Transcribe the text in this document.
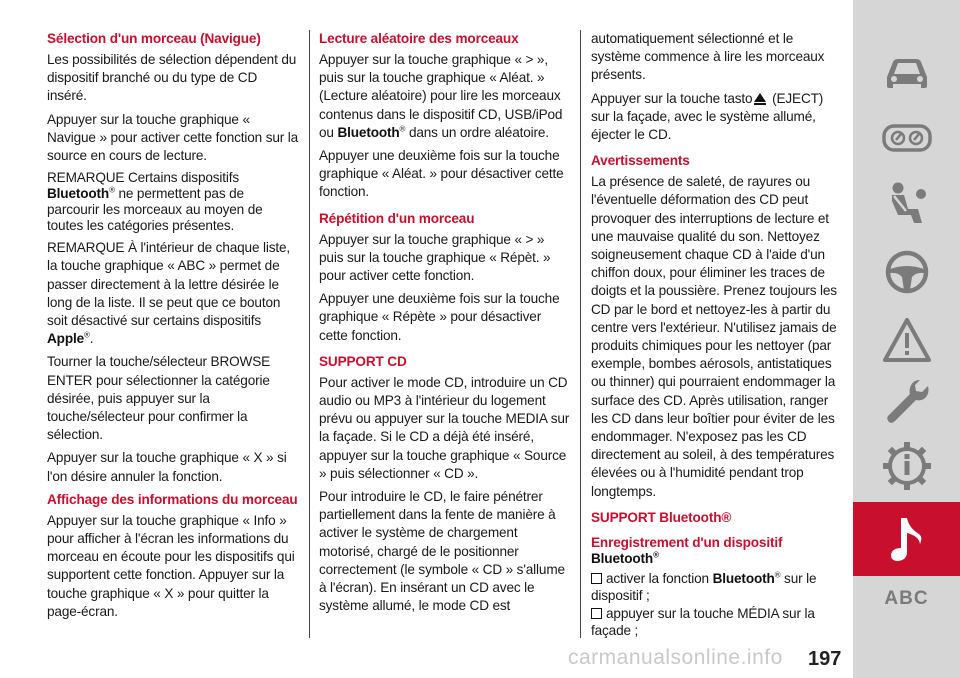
Sélection d'un morceau (Navigue)

Les possibilités de sélection dépendent du dispositif branché ou du type de CD inséré.

Appuyer sur la touche graphique « Navigue » pour activer cette fonction sur la source en cours de lecture.

REMARQUE Certains dispositifs
Bluetooth® ne permettent pas de parcourir les morceaux au moyen de toutes les catégories présentes.

REMARQUE À l'intérieur de chaque liste, la touche graphique « ABC » permet de passer directement à la lettre désirée le long de la liste. Il se peut que ce bouton soit désactivé sur certains dispositifs Apple®.

Tourner la touche/sélecteur BROWSE ENTER pour sélectionner la catégorie désirée, puis appuyer sur la touche/sélecteur pour confirmer la sélection.

Appuyer sur la touche graphique « X » si l'on désire annuler la fonction.

Affichage des informations du morceau

Appuyer sur la touche graphique « Info » pour afficher à l'écran les informations du morceau en écoute pour les dispositifs qui supportent cette fonction. Appuyer sur la touche graphique « X » pour quitter la page-écran.

Lecture aléatoire des morceaux

Appuyer sur la touche graphique « > », puis sur la touche graphique « Aléat. » (Lecture aléatoire) pour lire les morceaux contenus dans le dispositif CD, USB/iPod ou Bluetooth® dans un ordre aléatoire.

Appuyer une deuxième fois sur la touche graphique « Aléat. » pour désactiver cette fonction.

Répétition d'un morceau

Appuyer sur la touche graphique « > » puis sur la touche graphique « Répèt. » pour activer cette fonction.

Appuyer une deuxième fois sur la touche graphique « Répète » pour désactiver cette fonction.

SUPPORT CD

Pour activer le mode CD, introduire un CD audio ou MP3 à l'intérieur du logement prévu ou appuyer sur la touche MEDIA sur la façade. Si le CD a déjà été inséré, appuyer sur la touche graphique « Source » puis sélectionner « CD ».

Pour introduire le CD, le faire pénétrer partiellement dans la fente de manière à activer le système de chargement motorisé, chargé de le positionner correctement (le symbole « CD » s'allume à l'écran). En insérant un CD avec le système allumé, le mode CD est

automatiquement sélectionné et le système commence à lire les morceaux présents.

Appuyer sur la touche tasto (EJECT) sur la façade, avec le système allumé, éjecter le CD.

Avertissements

La présence de saleté, de rayures ou l'éventuelle déformation des CD peut provoquer des interruptions de lecture et une mauvaise qualité du son. Nettoyez soigneusement chaque CD à l'aide d'un chiffon doux, pour éliminer les traces de doigts et la poussière. Prenez toujours les CD par le bord et nettoyez-les à partir du centre vers l'extérieur. N'utilisez jamais de produits chimiques pour les nettoyer (par exemple, bombes aérosols, antistatiques ou thinner) qui pourraient endommager la surface des CD. Après utilisation, ranger les CD dans leur boîtier pour éviter de les endommager. N'exposez pas les CD directement au soleil, à des températures élevées ou à l'humidité pendant trop longtemps.

SUPPORT Bluetooth®
Enregistrement d'un dispositif
Bluetooth®
activer la fonction Bluetooth® sur le dispositif ;
appuyer sur la touche MÉDIA sur la façade ;
ABC
carmanualsonline.info 197
